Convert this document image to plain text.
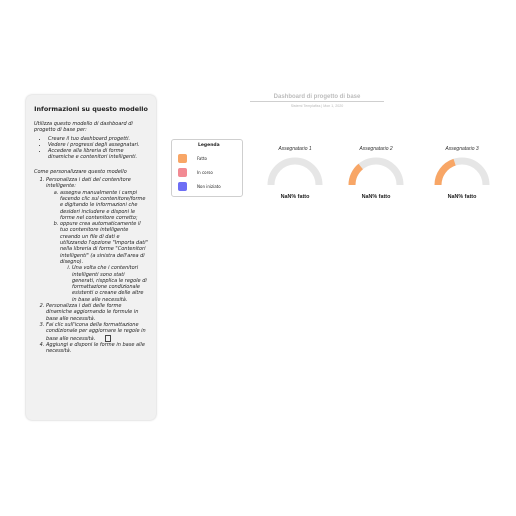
Informazioni su questo modello

Utilizza questo modello di dashboard di progetto di base per:

• Creare il tuo dashboard progetti.
• Vedere i progressi degli assegnatari.
• Accedere alla libreria di forme dinamiche e contenitori intelligenti.

Come personalizzare questo modello

1. Personalizza i dati del contenitore intelligente:
a. assegna manualmente i campi facendo clic sul contenitore/forme e digitando le informazioni che desideri includere e disponi le forme nel contenitore corretto;
b. oppure crea automaticamente il tuo contenitore intelligente creando un file di dati e utilizzando l'opzione "Importa dati" nella libreria di forme "Contenitori intelligenti" (a sinistra dell'area di disegno).
i. Una volta che i contenitori intelligenti sono stati generati, rispplica le regole di formattazione condizionale esistenti o creane delle altre in base alle necessità.
2. Personalizza i dati delle forme dinamiche aggiornando le formule in base alle necessità.
3. Fai clic sull'icona della formattazione condizionale per aggiornare le regole in base alle necessità.
4. Aggiungi e disponi le forme in base alle necessità.
Legenda
Fatto
In corso
Non iniziato
Dashboard di progetto di base
Sistemi Templafiss | Mon 1, 2020
Assegnatario 1
NaN% fatto
Assegnatario 2
NaN% fatto
Assegnatario 3
NaN% fatto
